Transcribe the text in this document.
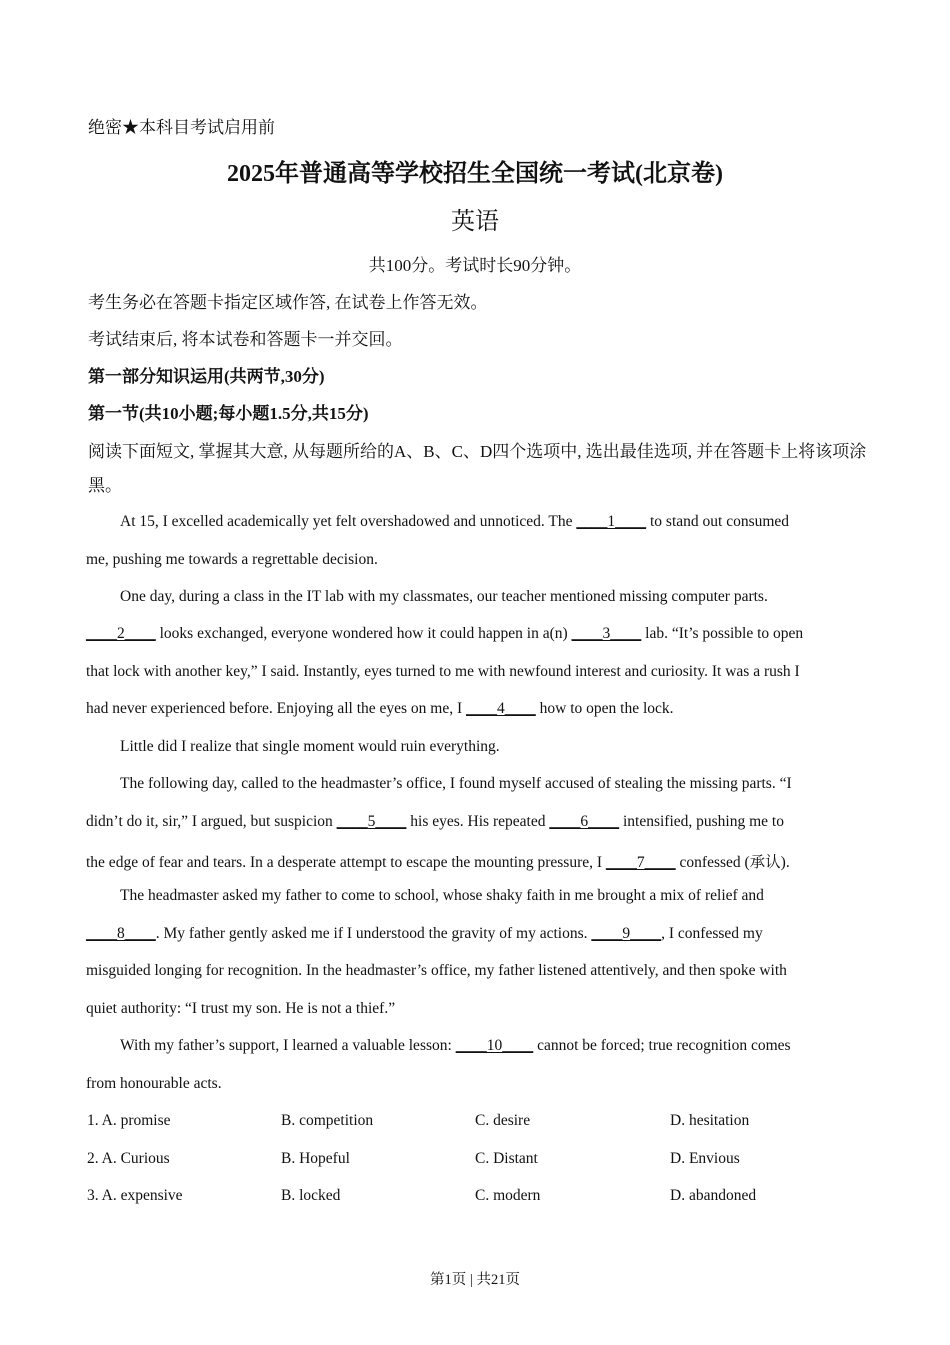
绝密★本科目考试启用前
2025年普通高等学校招生全国统一考试(北京卷)
英语
共100分。考试时长90分钟。
考生务必在答题卡指定区域作答, 在试卷上作答无效。
考试结束后, 将本试卷和答题卡一并交回。
第一部分知识运用(共两节,30分)
第一节(共10小题;每小题1.5分,共15分)
阅读下面短文, 掌握其大意, 从每题所给的A、B、C、D四个选项中, 选出最佳选项, 并在答题卡上将该项涂黑。
At 15, I excelled academically yet felt overshadowed and unnoticed. The ____1____ to stand out consumed
me, pushing me towards a regrettable decision.
One day, during a class in the IT lab with my classmates, our teacher mentioned missing computer parts.
____2____ looks exchanged, everyone wondered how it could happen in a(n) ____3____ lab. “It’s possible to open
that lock with another key,” I said. Instantly, eyes turned to me with newfound interest and curiosity. It was a rush I
had never experienced before. Enjoying all the eyes on me, I ____4____ how to open the lock.
Little did I realize that single moment would ruin everything.
The following day, called to the headmaster’s office, I found myself accused of stealing the missing parts. “I
didn’t do it, sir,” I argued, but suspicion ____5____ his eyes. His repeated ____6____ intensified, pushing me to
the edge of fear and tears. In a desperate attempt to escape the mounting pressure, I ____7____ confessed (承认).
The headmaster asked my father to come to school, whose shaky faith in me brought a mix of relief and
____8____. My father gently asked me if I understood the gravity of my actions. ____9____, I confessed my
misguided longing for recognition. In the headmaster’s office, my father listened attentively, and then spoke with
quiet authority: “I trust my son. He is not a thief.”
With my father’s support, I learned a valuable lesson: ____10____ cannot be forced; true recognition comes
from honourable acts.
1. A. promise	B. competition	C. desire	D. hesitation
2. A. Curious	B. Hopeful	C. Distant	D. Envious
3. A. expensive	B. locked	C. modern	D. abandoned
第1页 | 共21页
